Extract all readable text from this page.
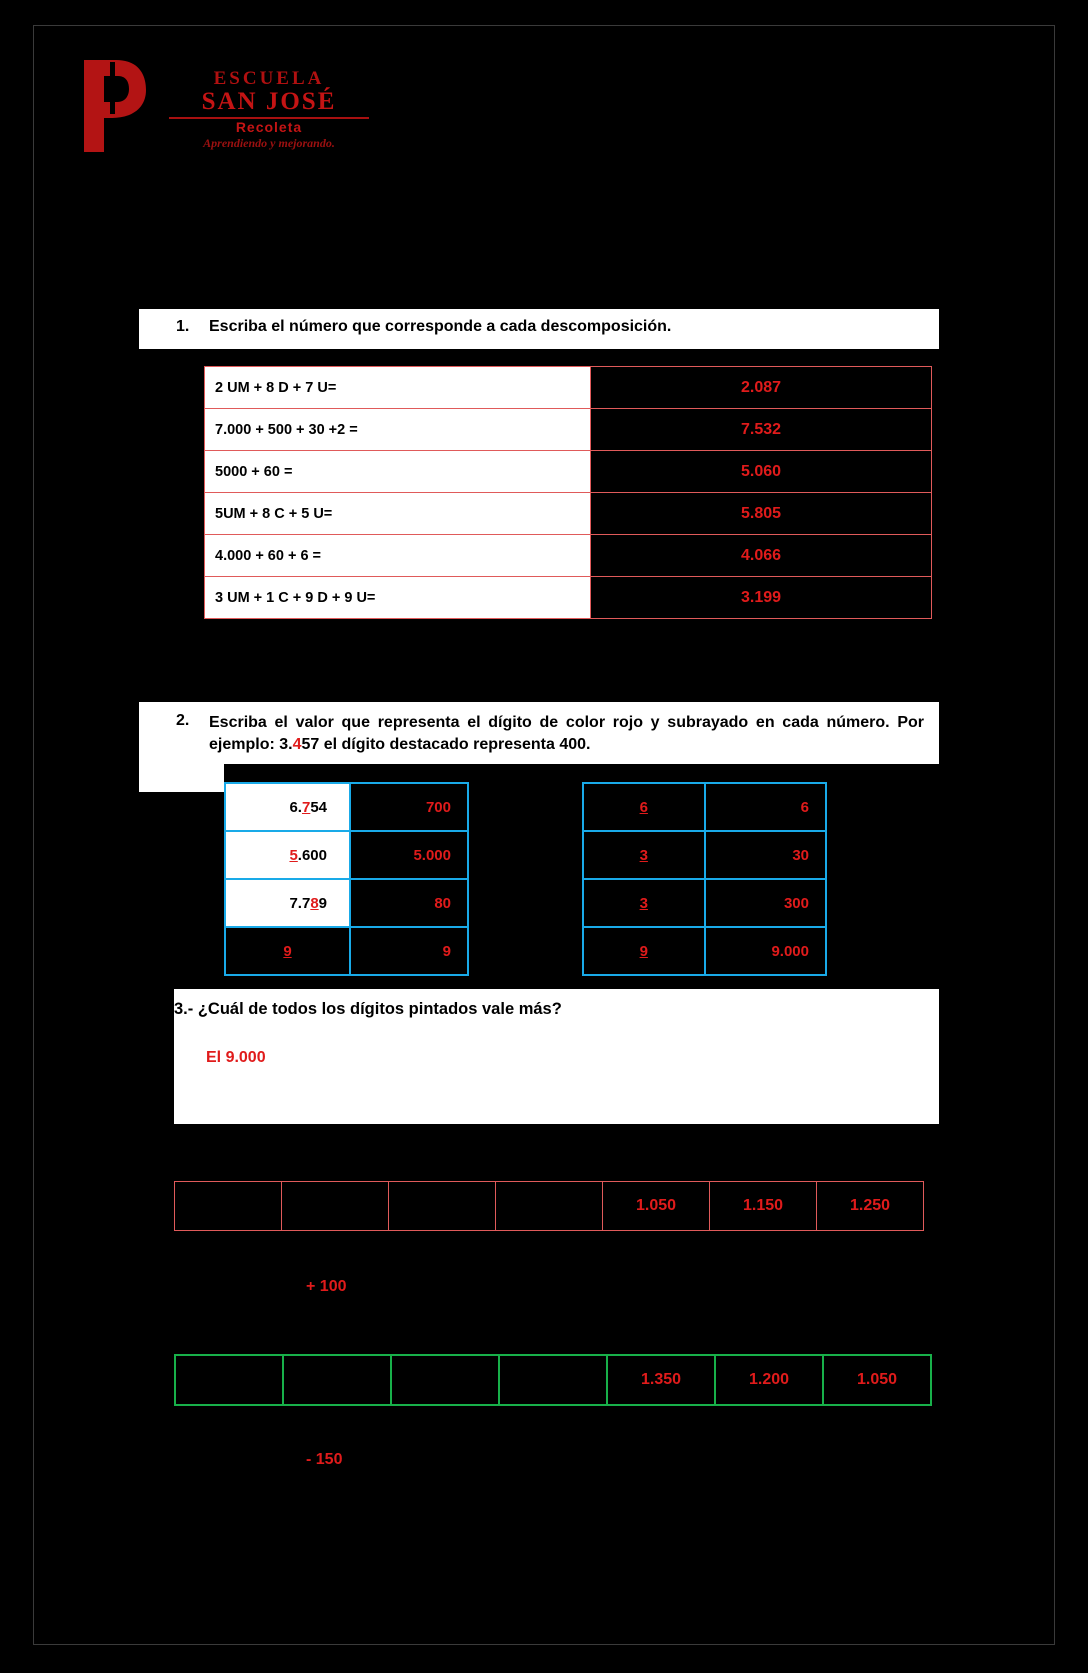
ESCUELA
SAN JOSÉ
Recoleta
Aprendiendo y mejorando.
1. Escriba el número que corresponde a cada descomposición.
2 UM + 8 D + 7 U=	2.087
7.000 + 500 + 30 +2 =	7.532
5000 + 60 =	5.060
5UM + 8 C + 5 U=	5.805
4.000 + 60 + 6 =	4.066
3 UM + 1 C + 9 D + 9 U=	3.199
2. Escriba el valor que representa el dígito de color rojo y subrayado en cada número. Por ejemplo: 3.457 el dígito destacado representa 400.
6.754	700
5.600	5.000
7.789	80
9	9
6	6
3	30
3	300
9	9.000
3.- ¿Cuál de todos los dígitos pintados vale más?
El 9.000
				1.050	1.150	1.250
+ 100
				1.350	1.200	1.050
- 150
